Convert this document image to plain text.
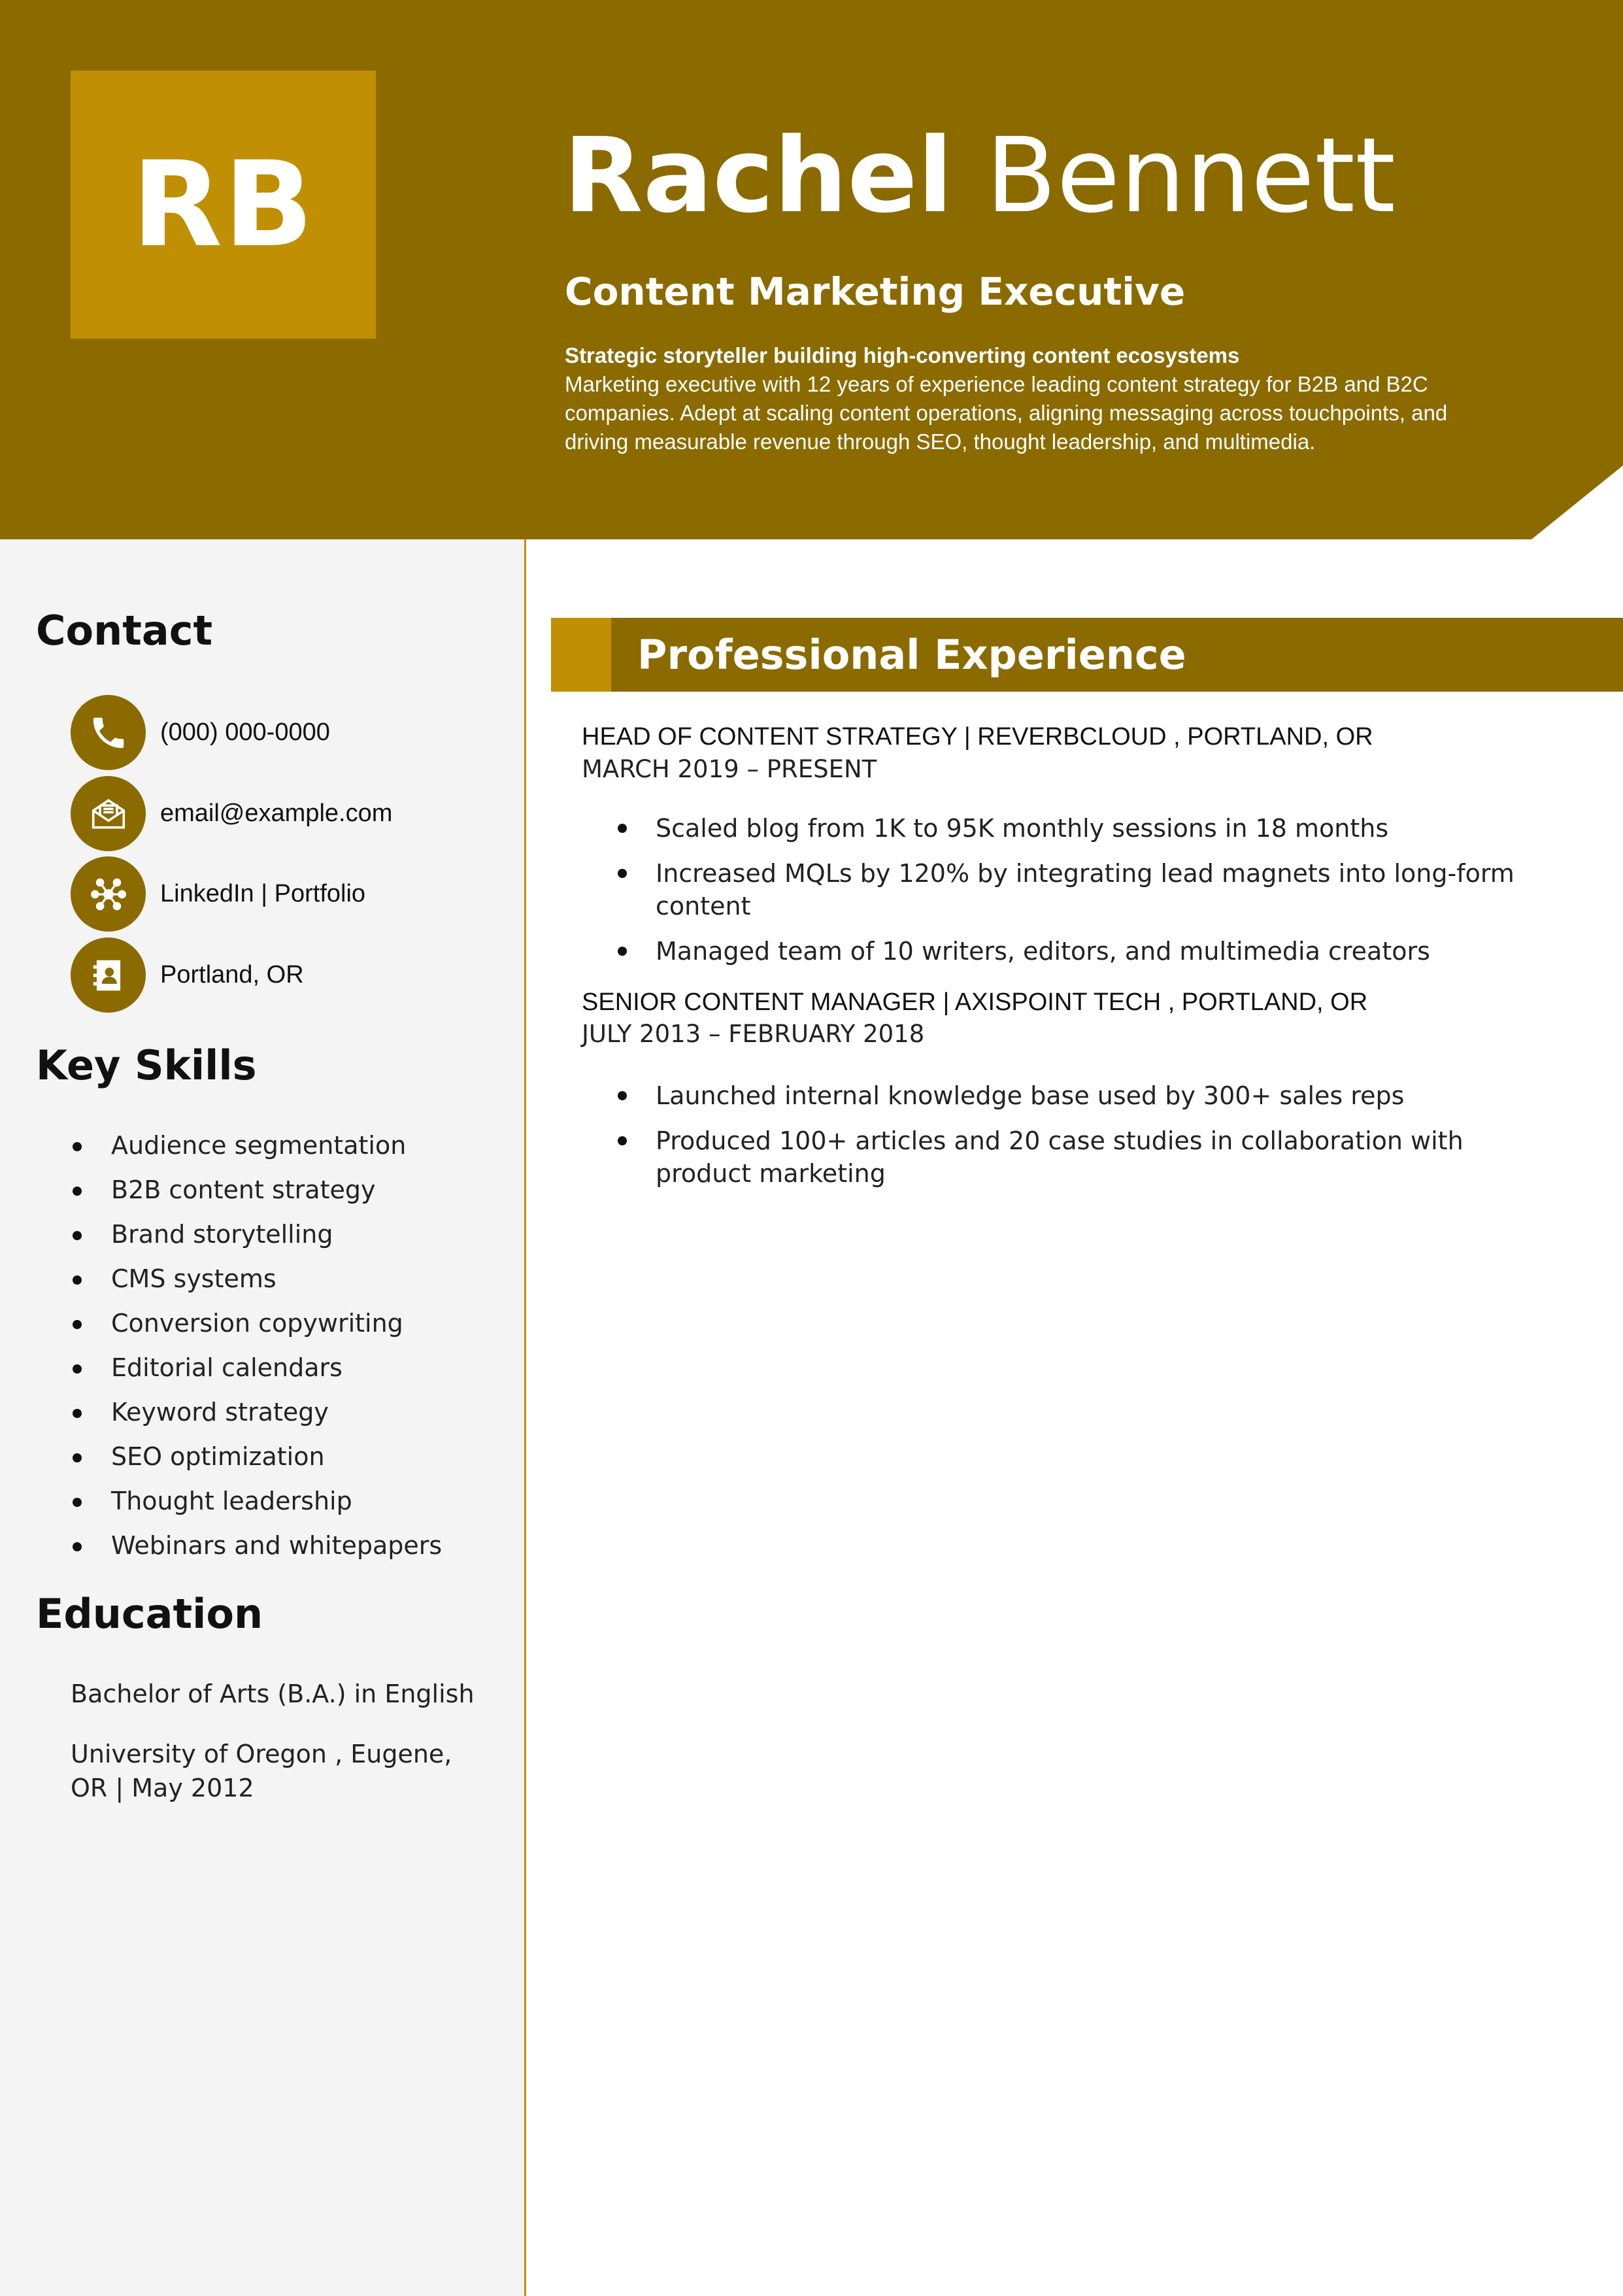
RB Rachel Bennett
Content Marketing Executive
Strategic storyteller building high-converting content ecosystems
Marketing executive with 12 years of experience leading content strategy for B2B and B2C companies. Adept at scaling content operations, aligning messaging across touchpoints, and driving measurable revenue through SEO, thought leadership, and multimedia.
Contact
(000) 000-0000
email@example.com
LinkedIn | Portfolio
Portland, OR
Key Skills
Audience segmentation
B2B content strategy
Brand storytelling
CMS systems
Conversion copywriting
Editorial calendars
Keyword strategy
SEO optimization
Thought leadership
Webinars and whitepapers
Education
Bachelor of Arts (B.A.) in English
University of Oregon , Eugene, OR | May 2012
Professional Experience
HEAD OF CONTENT STRATEGY | REVERBCLOUD , PORTLAND, OR
MARCH 2019 – PRESENT
Scaled blog from 1K to 95K monthly sessions in 18 months
Increased MQLs by 120% by integrating lead magnets into long-form content
Managed team of 10 writers, editors, and multimedia creators
SENIOR CONTENT MANAGER | AXISPOINT TECH , PORTLAND, OR
JULY 2013 – FEBRUARY 2018
Launched internal knowledge base used by 300+ sales reps
Produced 100+ articles and 20 case studies in collaboration with product marketing
